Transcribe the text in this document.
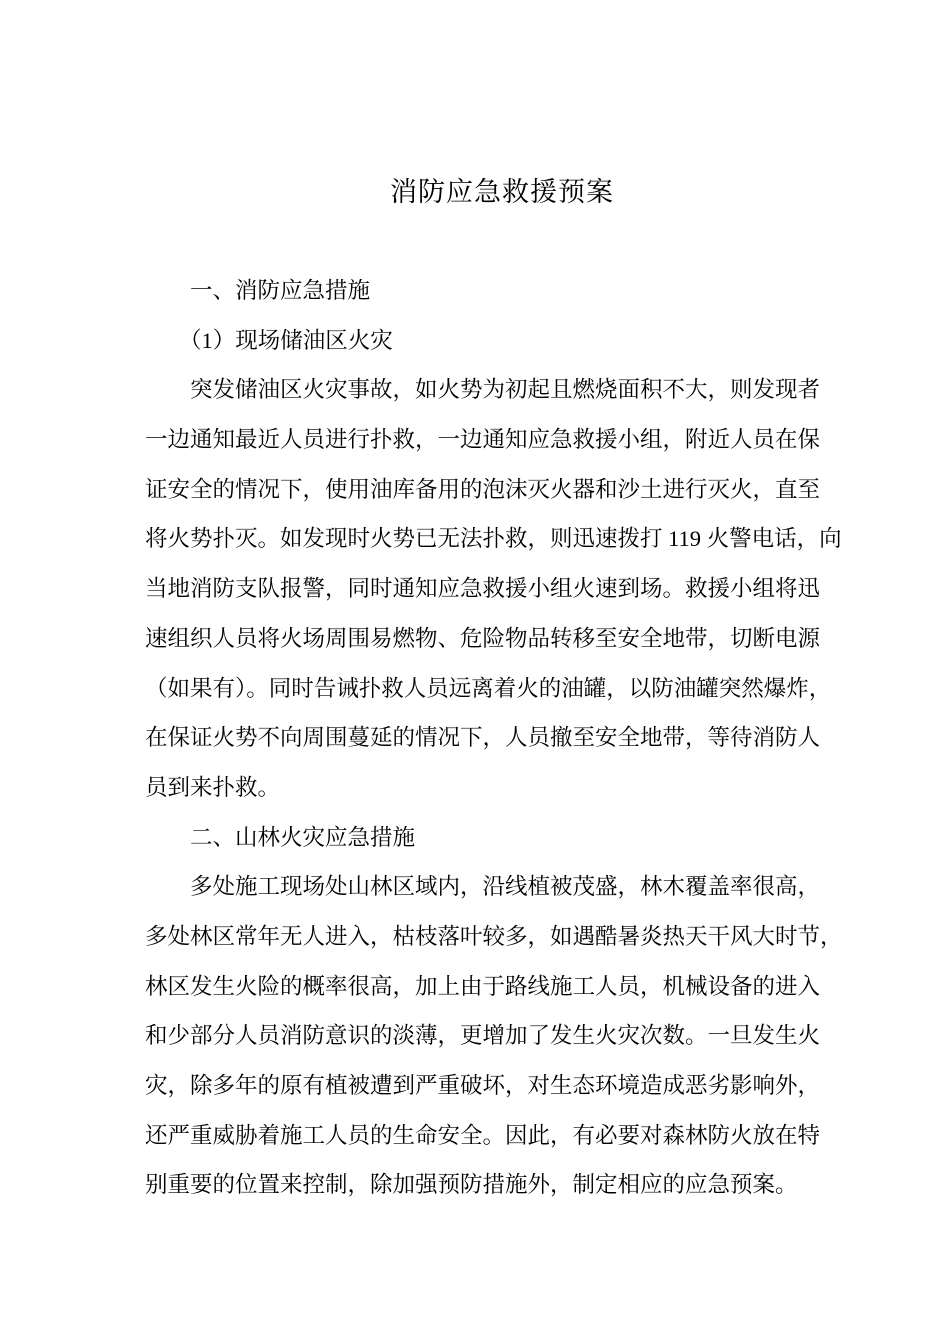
消防应急救援预案
一、消防应急措施
（1）现场储油区火灾
突发储油区火灾事故，如火势为初起且燃烧面积不大，则发现者
一边通知最近人员进行扑救，一边通知应急救援小组，附近人员在保
证安全的情况下，使用油库备用的泡沫灭火器和沙土进行灭火，直至
将火势扑灭。如发现时火势已无法扑救，则迅速拨打 119 火警电话，向
当地消防支队报警，同时通知应急救援小组火速到场。救援小组将迅
速组织人员将火场周围易燃物、危险物品转移至安全地带，切断电源
（如果有）。同时告诫扑救人员远离着火的油罐，以防油罐突然爆炸，
在保证火势不向周围蔓延的情况下，人员撤至安全地带，等待消防人
员到来扑救。
二、山林火灾应急措施
多处施工现场处山林区域内，沿线植被茂盛，林木覆盖率很高，
多处林区常年无人进入，枯枝落叶较多，如遇酷暑炎热天干风大时节，
林区发生火险的概率很高，加上由于路线施工人员，机械设备的进入
和少部分人员消防意识的淡薄，更增加了发生火灾次数。一旦发生火
灾，除多年的原有植被遭到严重破坏，对生态环境造成恶劣影响外，
还严重威胁着施工人员的生命安全。因此，有必要对森林防火放在特
别重要的位置来控制，除加强预防措施外，制定相应的应急预案。
